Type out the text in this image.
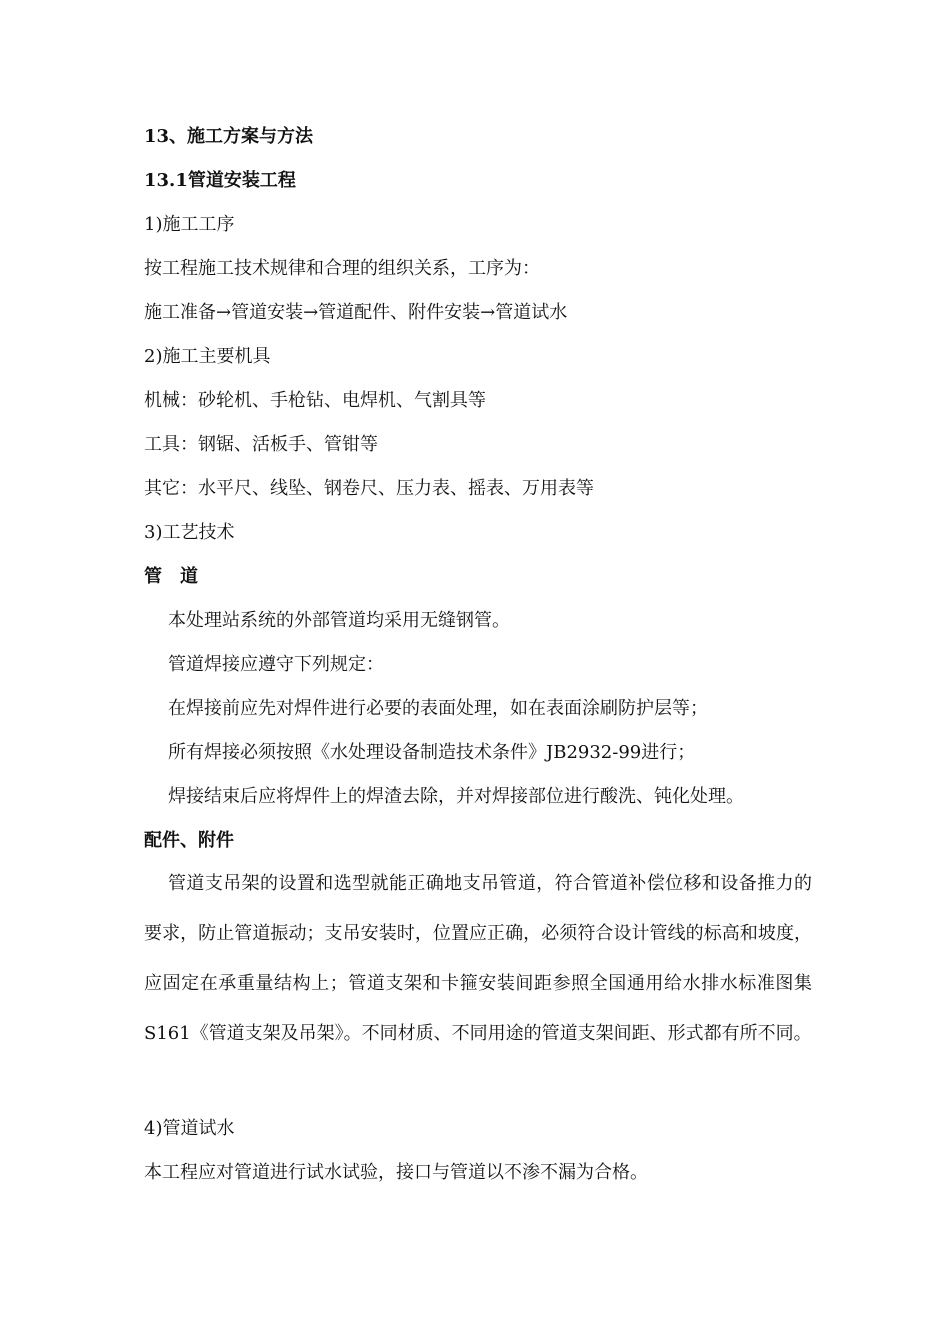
13、施工方案与方法
13.1管道安装工程
1)施工工序
按工程施工技术规律和合理的组织关系，工序为：
施工准备→管道安装→管道配件、附件安装→管道试水
2)施工主要机具
机械：砂轮机、手枪钻、电焊机、气割具等
工具：钢锯、活板手、管钳等
其它：水平尺、线坠、钢卷尺、压力表、摇表、万用表等
3)工艺技术
管　道
本处理站系统的外部管道均采用无缝钢管。
管道焊接应遵守下列规定：
在焊接前应先对焊件进行必要的表面处理，如在表面涂刷防护层等；
所有焊接必须按照《水处理设备制造技术条件》JB2932-99进行；
焊接结束后应将焊件上的焊渣去除，并对焊接部位进行酸洗、钝化处理。
配件、附件
管道支吊架的设置和选型就能正确地支吊管道，符合管道补偿位移和设备推力的要求，防止管道振动；支吊安装时，位置应正确，必须符合设计管线的标高和坡度，应固定在承重量结构上；管道支架和卡箍安装间距参照全国通用给水排水标准图集S161《管道支架及吊架》。不同材质、不同用途的管道支架间距、形式都有所不同。
4)管道试水
本工程应对管道进行试水试验，接口与管道以不渗不漏为合格。
